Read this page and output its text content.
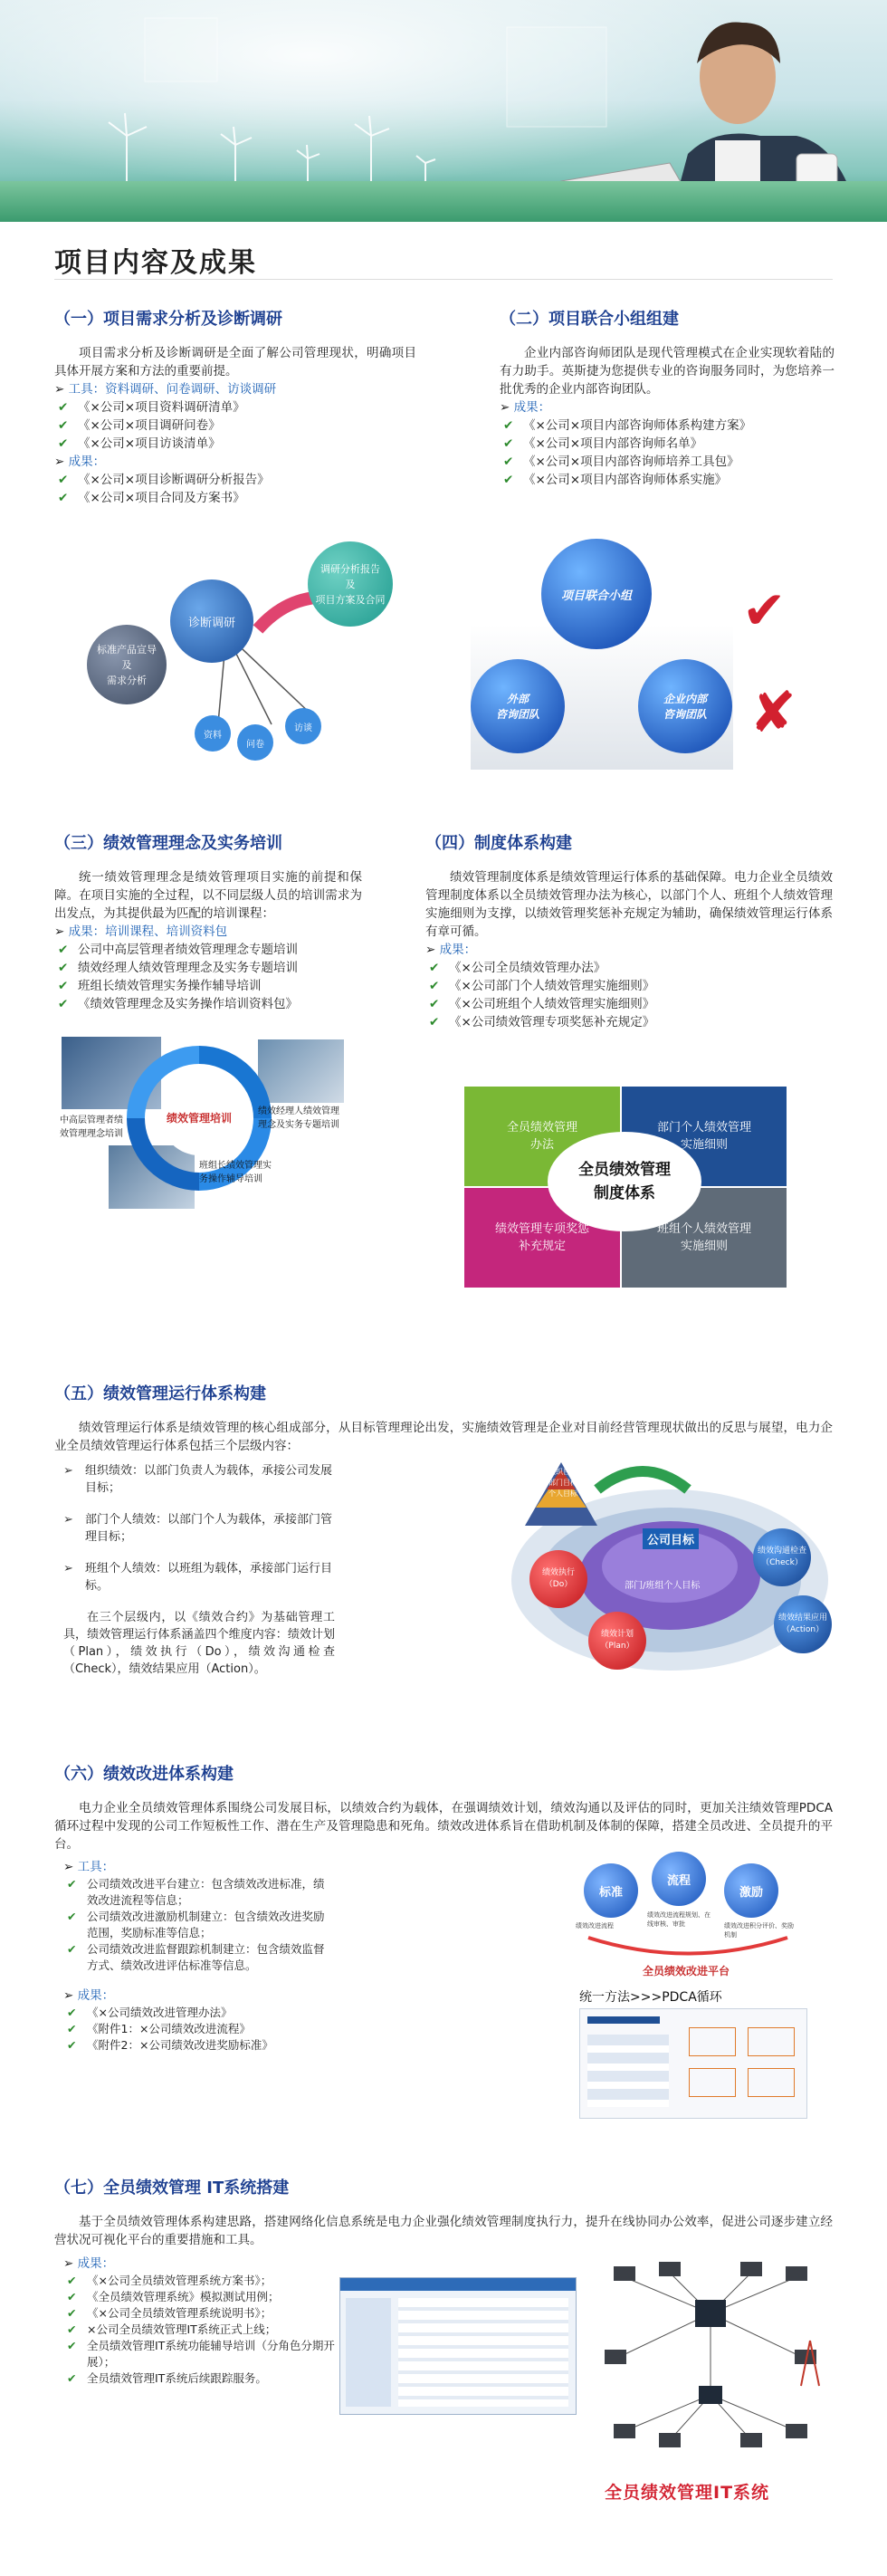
项目内容及成果
（一）项目需求分析及诊断调研
项目需求分析及诊断调研是全面了解公司管理现状，明确项目具体开展方案和方法的重要前提。
➢ 工具：资料调研、问卷调研、访谈调研
✔ 《×公司×项目资料调研清单》
✔ 《×公司×项目调研问卷》
✔ 《×公司×项目访谈清单》
➢ 成果：
✔ 《×公司×项目诊断调研分析报告》
✔ 《×公司×项目合同及方案书》
诊断调研
调研分析报告
及
项目方案及合同
标准产品宣导
及
需求分析
资料
问卷
访谈
（二）项目联合小组组建
企业内部咨询师团队是现代管理模式在企业实现软着陆的有力助手。英斯捷为您提供专业的咨询服务同时，为您培养一批优秀的企业内部咨询团队。
➢ 成果：
✔ 《×公司×项目内部咨询师体系构建方案》
✔ 《×公司×项目内部咨询师名单》
✔ 《×公司×项目内部咨询师培养工具包》
✔ 《×公司×项目内部咨询师体系实施》
项目联合小组
外部
咨询团队
企业内部
咨询团队
✔
✘
（三）绩效管理理念及实务培训
统一绩效管理理念是绩效管理项目实施的前提和保障。在项目实施的全过程，以不同层级人员的培训需求为出发点，为其提供最为匹配的培训课程：
➢ 成果：培训课程、培训资料包
✔ 公司中高层管理者绩效管理理念专题培训
✔ 绩效经理人绩效管理理念及实务专题培训
✔ 班组长绩效管理实务操作辅导培训
✔ 《绩效管理理念及实务操作培训资料包》
绩效管理培训
中高层管理者绩
效管理理念培训
绩效经理人绩效管理
理念及实务专题培训
班组长绩效管理实
务操作辅导培训
（四）制度体系构建
绩效管理制度体系是绩效管理运行体系的基础保障。电力企业全员绩效管理制度体系以全员绩效管理办法为核心，以部门个人、班组个人绩效管理实施细则为支撑，以绩效管理奖惩补充规定为辅助，确保绩效管理运行体系有章可循。
➢ 成果：
✔ 《×公司全员绩效管理办法》
✔ 《×公司部门个人绩效管理实施细则》
✔ 《×公司班组个人绩效管理实施细则》
✔ 《×公司绩效管理专项奖惩补充规定》
全员绩效管理
办法
部门个人绩效管理
实施细则
绩效管理专项奖惩
补充规定
班组个人绩效管理
实施细则
全员绩效管理
制度体系
（五）绩效管理运行体系构建
绩效管理运行体系是绩效管理的核心组成部分，从目标管理理论出发，实施绩效管理是企业对目前经营管理现状做出的反思与展望，电力企业全员绩效管理运行体系包括三个层级内容：
➢ 组织绩效：以部门负责人为载体，承接公司发展目标；
➢ 部门个人绩效：以部门个人为载体，承接部门管理目标；
➢ 班组个人绩效：以班组为载体，承接部门运行目标。
在三个层级内，以《绩效合约》为基础管理工具，绩效管理运行体系涵盖四个维度内容：绩效计划（Plan），绩效执行（Do），绩效沟通检查（Check），绩效结果应用（Action）。
组织目标
部门目标
个人目标
公司目标
部门/班组个人目标
绩效执行
（Do）
绩效计划
（Plan）
绩效沟通检查
（Check）
绩效结果应用
（Action）
（六）绩效改进体系构建
电力企业全员绩效管理体系围绕公司发展目标，以绩效合约为载体，在强调绩效计划，绩效沟通以及评估的同时，更加关注绩效管理PDCA循环过程中发现的公司工作短板性工作、潜在生产及管理隐患和死角。绩效改进体系旨在借助机制及体制的保障，搭建全员改进、全员提升的平台。
➢ 工具：
✔ 公司绩效改进平台建立：包含绩效改进标准，绩效改进流程等信息；
✔ 公司绩效改进激励机制建立：包含绩效改进奖励范围，奖励标准等信息；
✔ 公司绩效改进监督跟踪机制建立：包含绩效监督方式、绩效改进评估标准等信息。
➢ 成果：
✔ 《×公司绩效改进管理办法》
✔ 《附件1：×公司绩效改进流程》
✔ 《附件2：×公司绩效改进奖励标准》
标准
流程
激励
绩效改进流程
绩效改进流程规划、在线审核、审批	绩效改进积分评价、奖励机制
全员绩效改进平台
统一方法>>>PDCA循环
（七）全员绩效管理 IT系统搭建
基于全员绩效管理体系构建思路，搭建网络化信息系统是电力企业强化绩效管理制度执行力，提升在线协同办公效率，促进公司逐步建立经营状况可视化平台的重要措施和工具。
➢ 成果：
✔ 《×公司全员绩效管理系统方案书》；
✔ 《全员绩效管理系统》模拟测试用例；
✔ 《×公司全员绩效管理系统说明书》；
✔ ×公司全员绩效管理IT系统正式上线；
✔ 全员绩效管理IT系统功能辅导培训（分角色分期开展）；
✔ 全员绩效管理IT系统后续跟踪服务。
全员绩效管理IT系统
